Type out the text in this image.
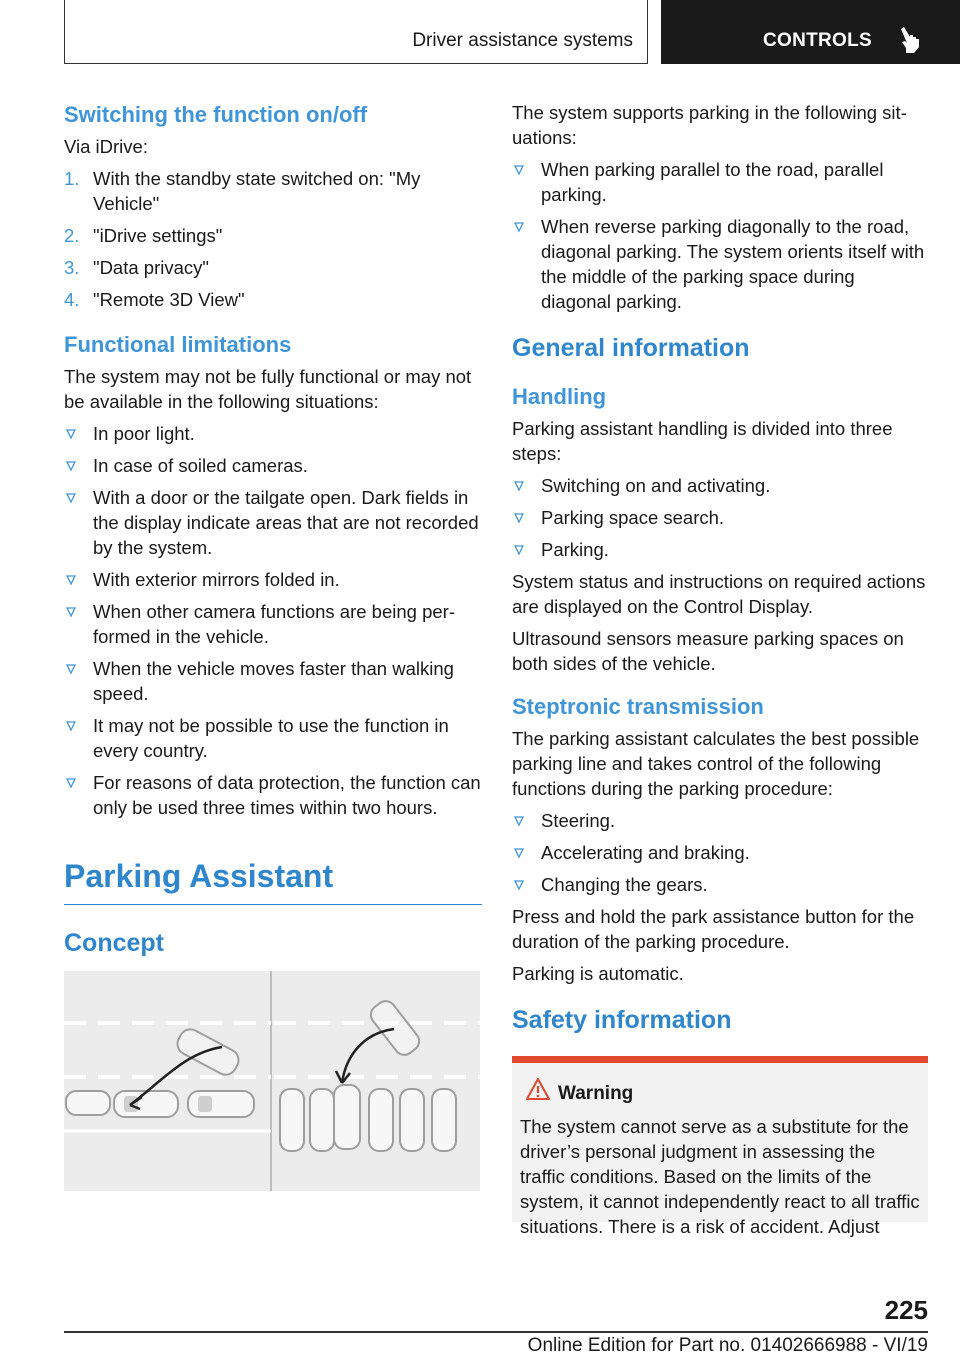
Driver assistance systems	CONTROLS
Switching the function on/off

Via iDrive:

1. With the standby state switched on: "My Vehicle"
2. "iDrive settings"
3. "Data privacy"
4. "Remote 3D View"
Functional limitations

The system may not be fully functional or may not be available in the following situations:

In poor light.
In case of soiled cameras.
With a door or the tailgate open. Dark fields in the display indicate areas that are not recorded by the system.
With exterior mirrors folded in.
When other camera functions are being performed in the vehicle.
When the vehicle moves faster than walking speed.
It may not be possible to use the function in every country.
For reasons of data protection, the function can only be used three times within two hours.
Parking Assistant
Concept

The system supports parking in the following situations:

When parking parallel to the road, parallel parking.
When reverse parking diagonally to the road, diagonal parking. The system orients itself with the middle of the parking space during diagonal parking.
General information
Handling

Parking assistant handling is divided into three steps:

Switching on and activating.
Parking space search.
Parking.

System status and instructions on required actions are displayed on the Control Display.

Ultrasound sensors measure parking spaces on both sides of the vehicle.

Steptronic transmission

The parking assistant calculates the best possible parking line and takes control of the following functions during the parking procedure:

Steering.
Accelerating and braking.
Changing the gears.

Press and hold the park assistance button for the duration of the parking procedure.

Parking is automatic.

Safety information
Warning
The system cannot serve as a substitute for the driver’s personal judgment in assessing the traffic conditions. Based on the limits of the system, it cannot independently react to all traffic situations. There is a risk of accident. Adjust
225
Online Edition for Part no. 01402666988 - VI/19
